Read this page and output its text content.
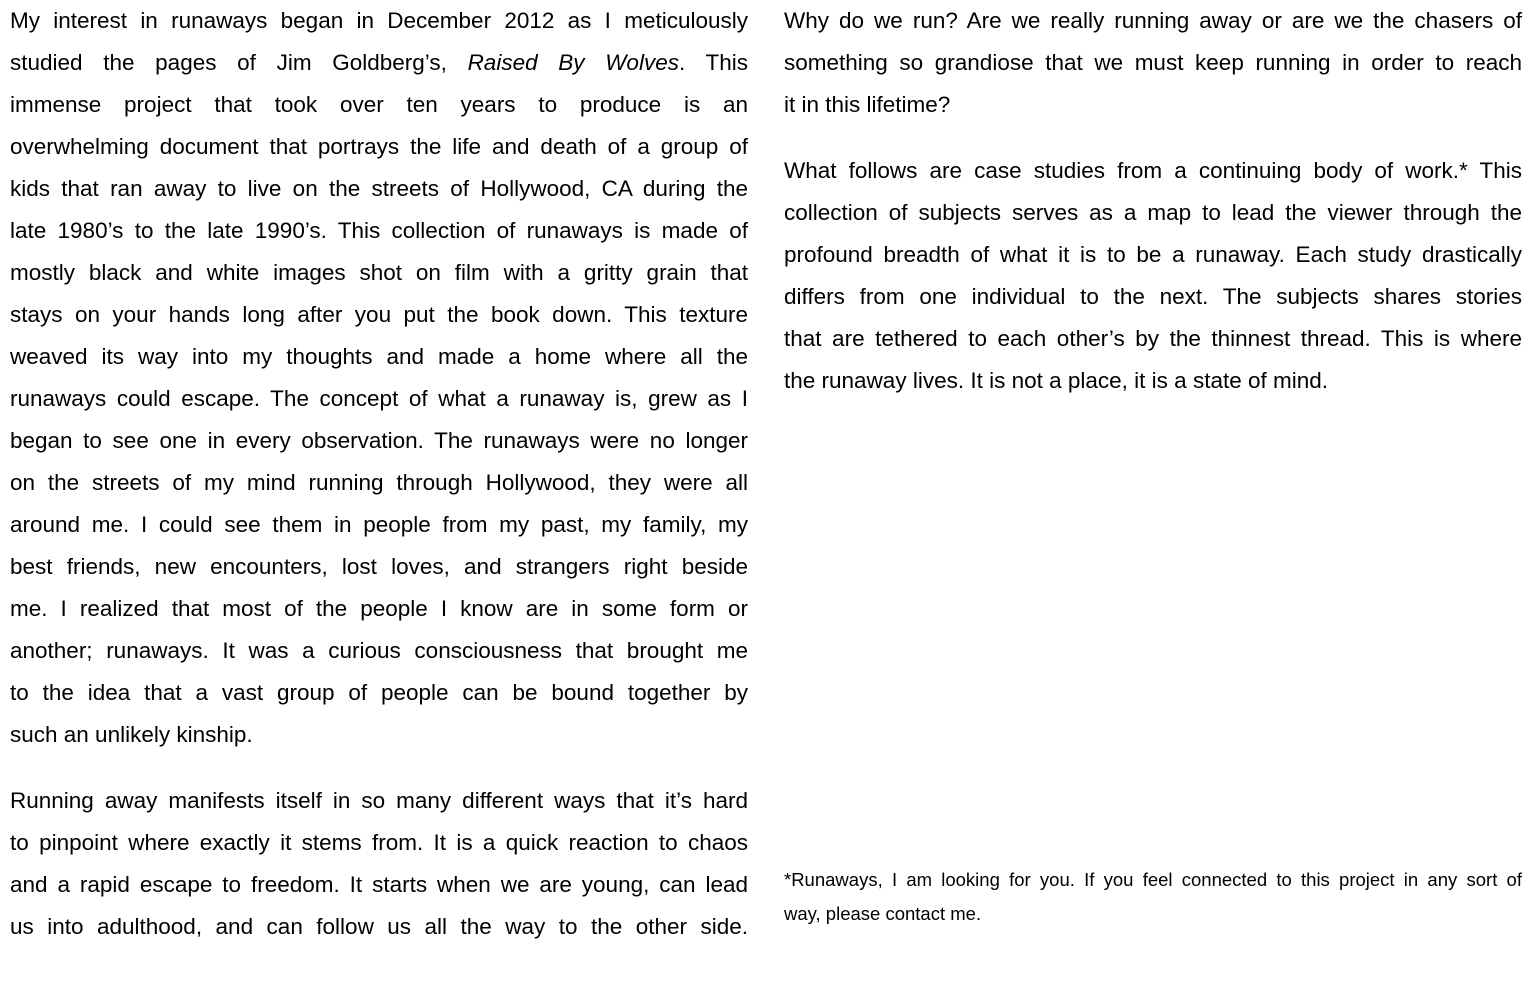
My interest in runaways began in December 2012 as I meticulously
studied the pages of Jim Goldberg’s, Raised By Wolves. This
immense project that took over ten years to produce is an
overwhelming document that portrays the life and death of a group of
kids that ran away to live on the streets of Hollywood, CA during the
late 1980’s to the late 1990’s. This collection of runaways is made of
mostly black and white images shot on film with a gritty grain that
stays on your hands long after you put the book down. This texture
weaved its way into my thoughts and made a home where all the
runaways could escape. The concept of what a runaway is, grew as I
began to see one in every observation. The runaways were no longer
on the streets of my mind running through Hollywood, they were all
around me. I could see them in people from my past, my family, my
best friends, new encounters, lost loves, and strangers right beside
me. I realized that most of the people I know are in some form or
another; runaways. It was a curious consciousness that brought me
to the idea that a vast group of people can be bound together by
such an unlikely kinship.
Running away manifests itself in so many different ways that it’s hard
to pinpoint where exactly it stems from. It is a quick reaction to chaos
and a rapid escape to freedom. It starts when we are young, can lead
us into adulthood, and can follow us all the way to the other side.
Why do we run? Are we really running away or are we the chasers of
something so grandiose that we must keep running in order to reach
it in this lifetime?
What follows are case studies from a continuing body of work.* This
collection of subjects serves as a map to lead the viewer through the
profound breadth of what it is to be a runaway. Each study drastically
differs from one individual to the next. The subjects shares stories
that are tethered to each other’s by the thinnest thread. This is where
the runaway lives. It is not a place, it is a state of mind.
*Runaways, I am looking for you. If you feel connected to this project in any sort of
way, please contact me.
